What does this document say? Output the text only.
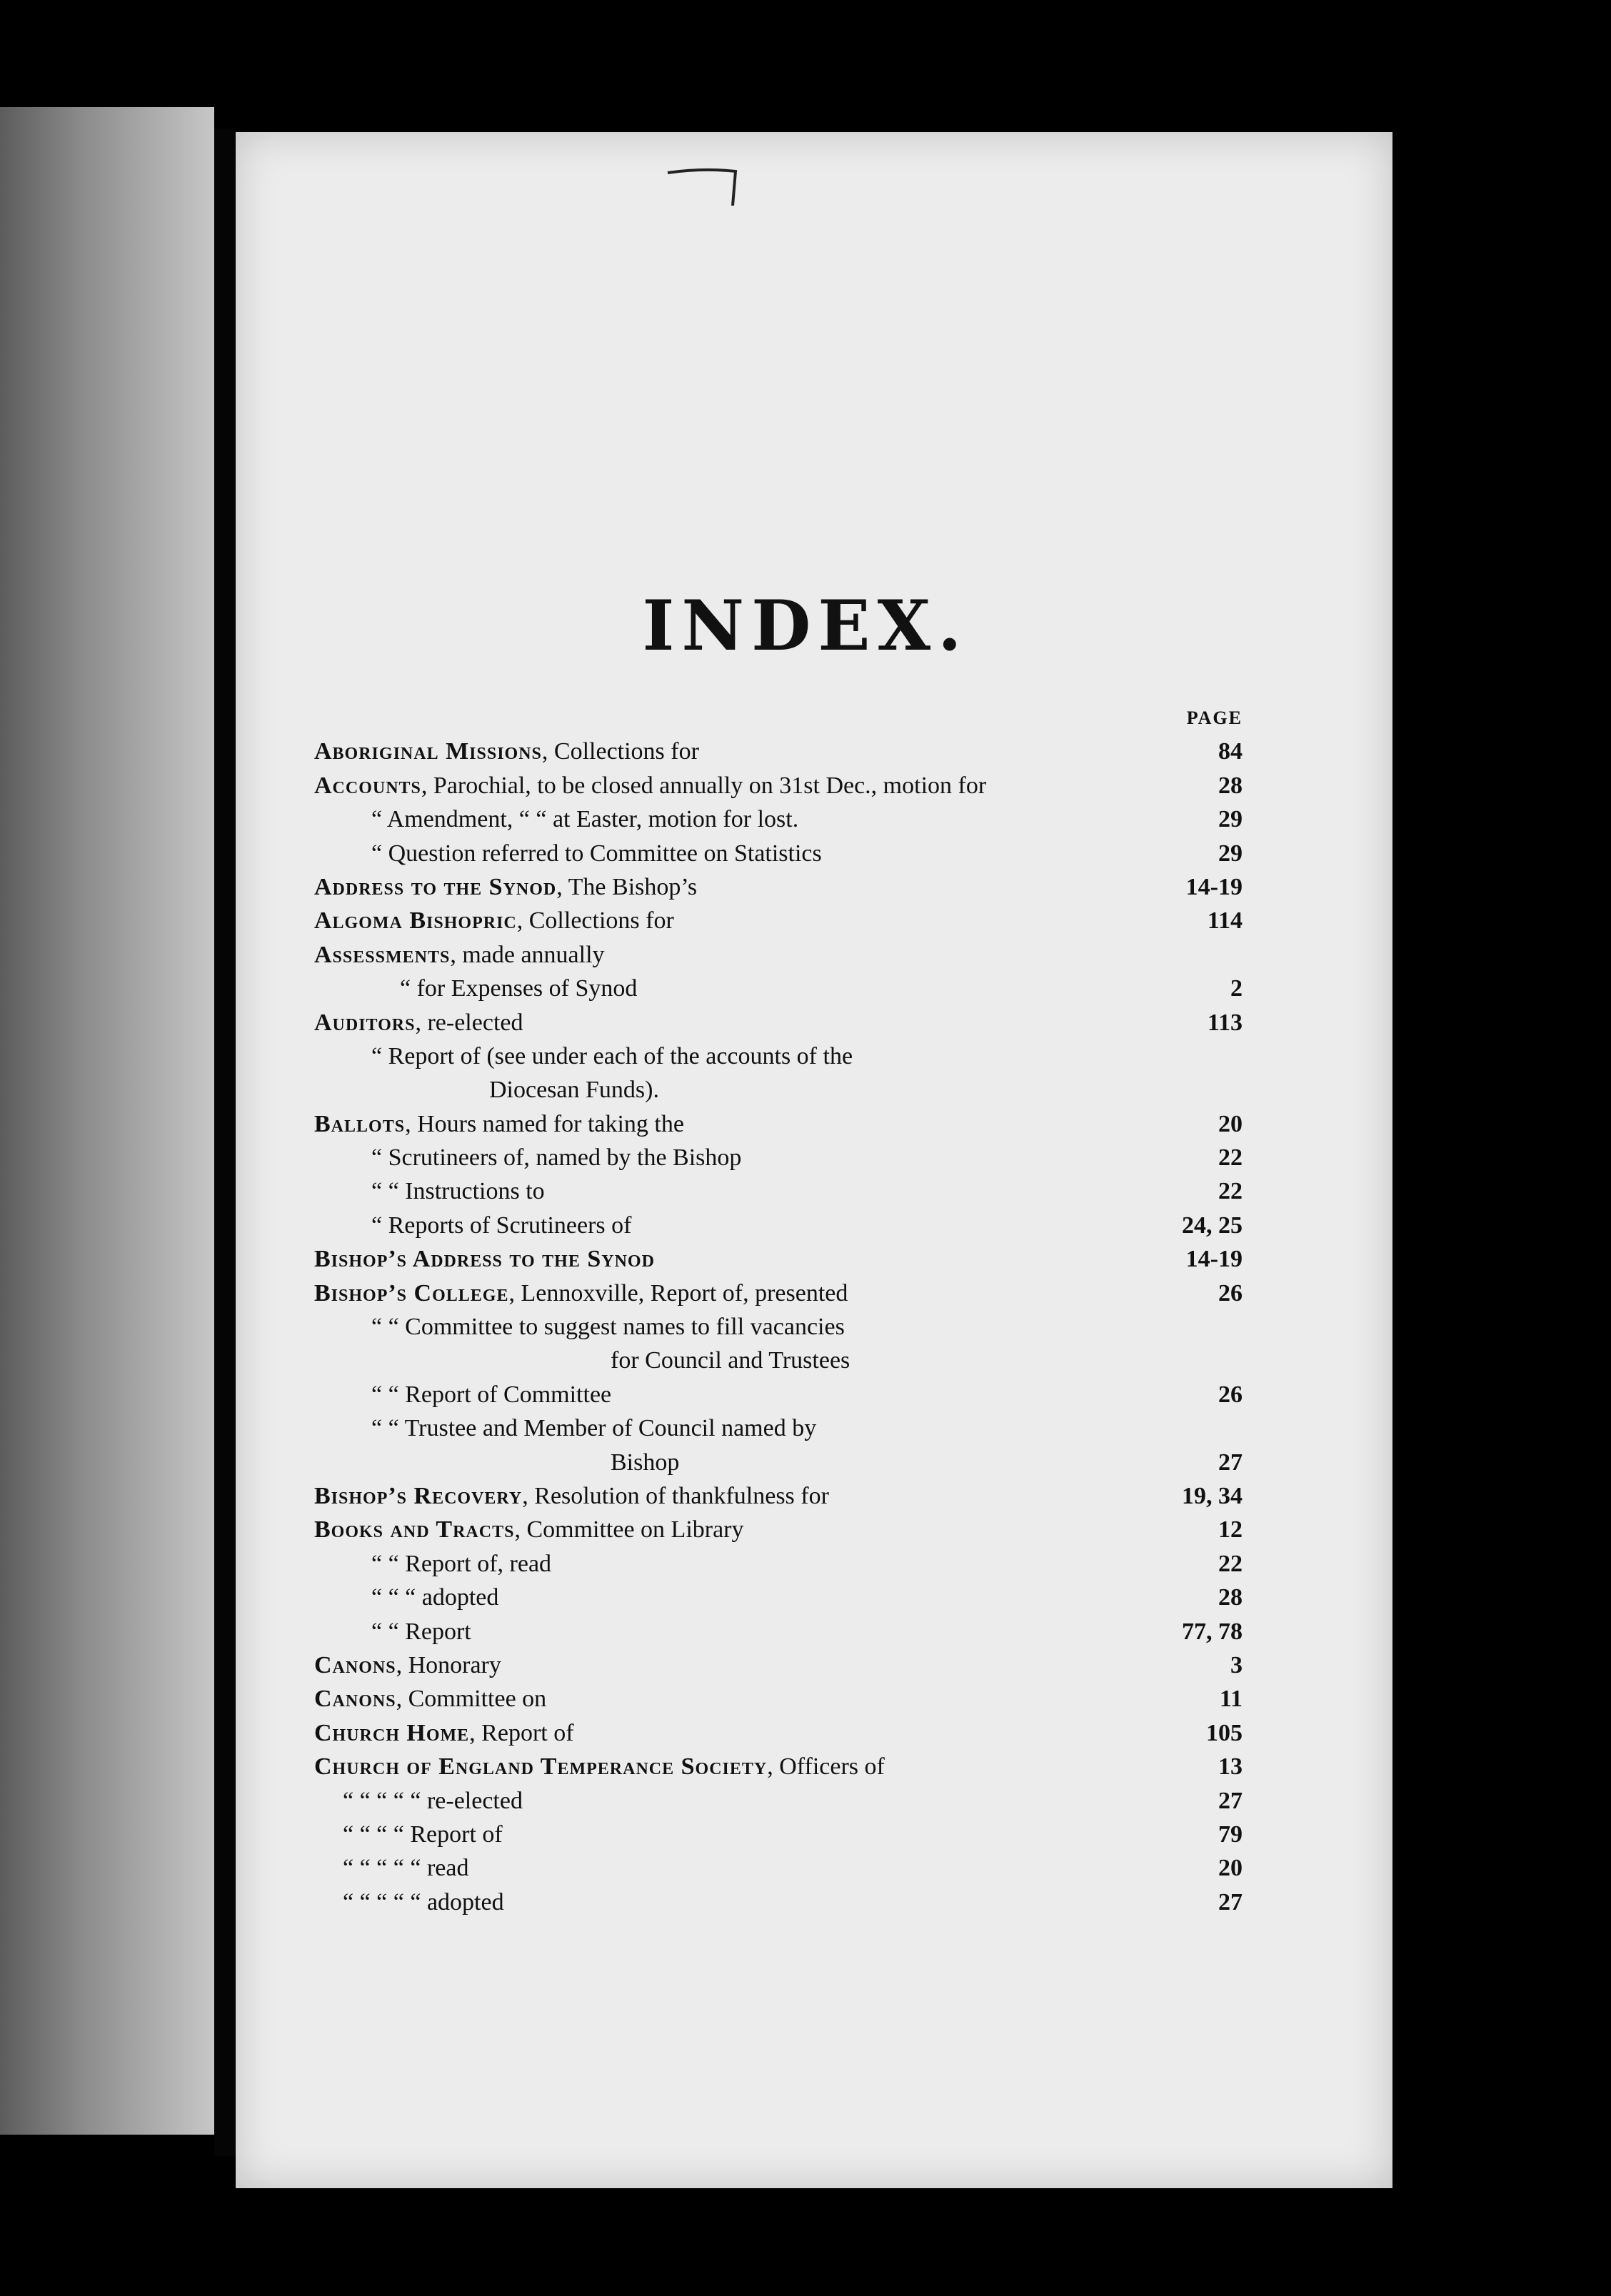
INDEX.
PAGE
Aboriginal Missions, Collections for	84
Accounts, Parochial, to be closed annually on 31st Dec., motion for	28
“ Amendment, “ “ at Easter, motion for lost.	29
“ Question referred to Committee on Statistics	29
Address to the Synod, The Bishop’s	14-19
Algoma Bishopric, Collections for	114
Assessments, made annually
“ for Expenses of Synod	2
Auditors, re-elected	113
“ Report of (see under each of the accounts of the
Diocesan Funds).
Ballots, Hours named for taking the	20
“ Scrutineers of, named by the Bishop	22
“ “ Instructions to	22
“ Reports of Scrutineers of	24, 25
Bishop’s Address to the Synod	14-19
Bishop’s College, Lennoxville, Report of, presented	26
“ “ Committee to suggest names to fill vacancies
for Council and Trustees
“ “ Report of Committee	26
“ “ Trustee and Member of Council named by
Bishop	27
Bishop’s Recovery, Resolution of thankfulness for	19, 34
Books and Tracts, Committee on Library	12
“ “ Report of, read	22
“ “ “ adopted	28
“ “ Report	77, 78
Canons, Honorary	3
Canons, Committee on	11
Church Home, Report of	105
Church of England Temperance Society, Officers of	13
“ “ “ “ “ re-elected	27
“ “ “ “ Report of	79
“ “ “ “ “ read	20
“ “ “ “ “ adopted	27
